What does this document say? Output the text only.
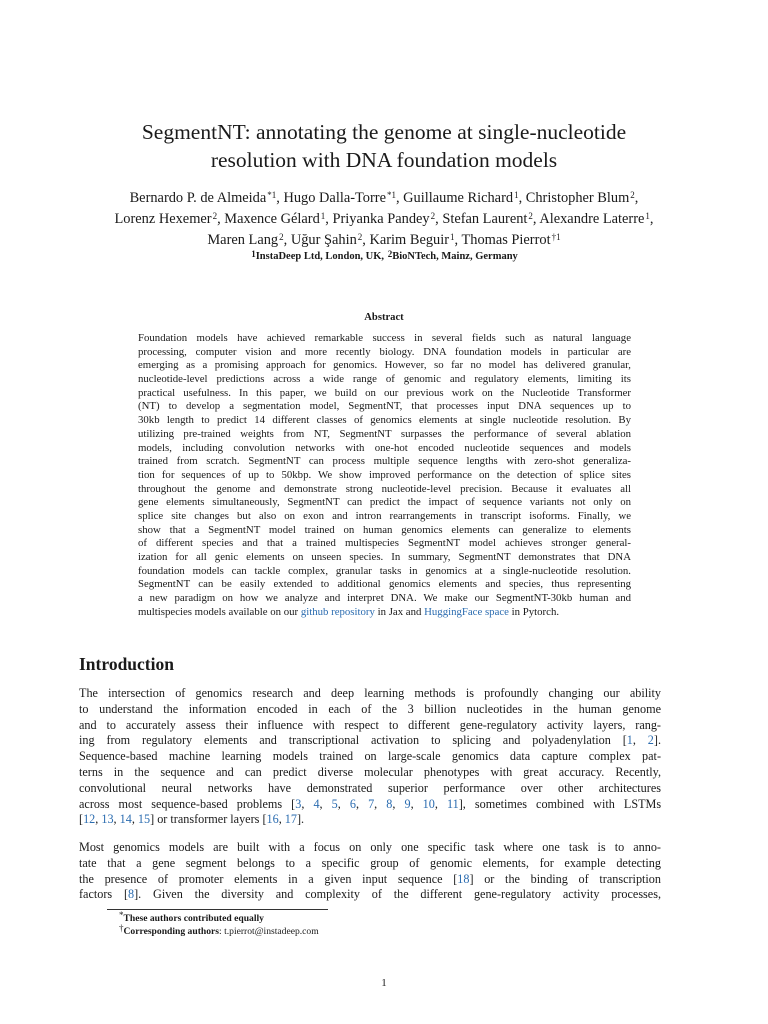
SegmentNT: annotating the genome at single-nucleotide
resolution with DNA foundation models
Bernardo P. de Almeida$^{*1}$, Hugo Dalla-Torre$^{*1}$, Guillaume Richard$^1$, Christopher Blum$^2$,
Lorenz Hexemer$^2$, Maxence Gélard$^1$, Priyanka Pandey$^2$, Stefan Laurent$^2$, Alexandre Laterre$^1$,
Maren Lang$^2$, Uğur Şahin$^2$, Karim Beguir$^1$, Thomas Pierrot$^{\dagger 1}$
$^1$InstaDeep Ltd, London, UK, $^2$BioNTech, Mainz, Germany
Abstract
Foundation models have achieved remarkable success in several fields such as natural language
processing, computer vision and more recently biology. DNA foundation models in particular are
emerging as a promising approach for genomics. However, so far no model has delivered granular,
nucleotide-level predictions across a wide range of genomic and regulatory elements, limiting its
practical usefulness. In this paper, we build on our previous work on the Nucleotide Transformer
(NT) to develop a segmentation model, SegmentNT, that processes input DNA sequences up to
30kb length to predict 14 different classes of genomics elements at single nucleotide resolution. By
utilizing pre-trained weights from NT, SegmentNT surpasses the performance of several ablation
models, including convolution networks with one-hot encoded nucleotide sequences and models
trained from scratch. SegmentNT can process multiple sequence lengths with zero-shot generaliza-
tion for sequences of up to 50kbp. We show improved performance on the detection of splice sites
throughout the genome and demonstrate strong nucleotide-level precision. Because it evaluates all
gene elements simultaneously, SegmentNT can predict the impact of sequence variants not only on
splice site changes but also on exon and intron rearrangements in transcript isoforms. Finally, we
show that a SegmentNT model trained on human genomics elements can generalize to elements
of different species and that a trained multispecies SegmentNT model achieves stronger general-
ization for all genic elements on unseen species. In summary, SegmentNT demonstrates that DNA
foundation models can tackle complex, granular tasks in genomics at a single-nucleotide resolution.
SegmentNT can be easily extended to additional genomics elements and species, thus representing
a new paradigm on how we analyze and interpret DNA. We make our SegmentNT-30kb human and
multispecies models available on our github repository in Jax and HuggingFace space in Pytorch.
Introduction
The intersection of genomics research and deep learning methods is profoundly changing our ability
to understand the information encoded in each of the 3 billion nucleotides in the human genome
and to accurately assess their influence with respect to different gene-regulatory activity layers, rang-
ing from regulatory elements and transcriptional activation to splicing and polyadenylation [1, 2].
Sequence-based machine learning models trained on large-scale genomics data capture complex pat-
terns in the sequence and can predict diverse molecular phenotypes with great accuracy. Recently,
convolutional neural networks have demonstrated superior performance over other architectures
across most sequence-based problems [3, 4, 5, 6, 7, 8, 9, 10, 11], sometimes combined with LSTMs
[12, 13, 14, 15] or transformer layers [16, 17].
Most genomics models are built with a focus on only one specific task where one task is to anno-
tate that a gene segment belongs to a specific group of genomic elements, for example detecting
the presence of promoter elements in a given input sequence [18] or the binding of transcription
factors [8]. Given the diversity and complexity of the different gene-regulatory activity processes,
*These authors contributed equally
†Corresponding authors: t.pierrot@instadeep.com
1
